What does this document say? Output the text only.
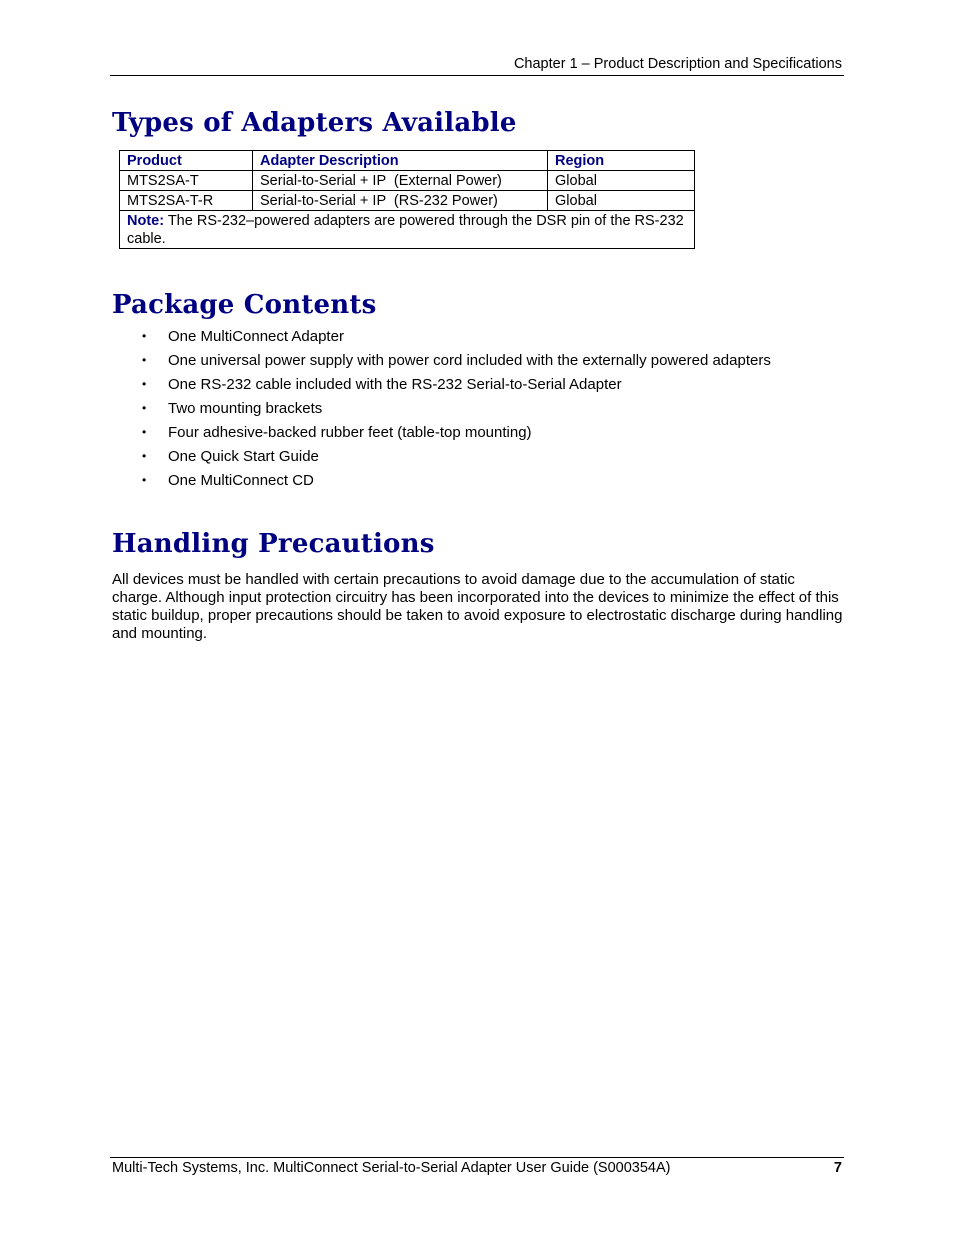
Chapter 1 – Product Description and Specifications
Types of Adapters Available
Product	Adapter Description	Region
MTS2SA-T	Serial-to-Serial + IP  (External Power)	Global
MTS2SA-T-R	Serial-to-Serial + IP  (RS-232 Power)	Global
Note: The RS-232–powered adapters are powered through the DSR pin of the RS-232 cable.		
Package Contents
• One MultiConnect Adapter
• One universal power supply with power cord included with the externally powered adapters
• One RS-232 cable included with the RS-232 Serial-to-Serial Adapter
• Two mounting brackets
• Four adhesive-backed rubber feet (table-top mounting)
• One Quick Start Guide
• One MultiConnect CD
Handling Precautions

All devices must be handled with certain precautions to avoid damage due to the accumulation of static charge. Although input protection circuitry has been incorporated into the devices to minimize the effect of this static buildup, proper precautions should be taken to avoid exposure to electrostatic discharge during handling and mounting.

Multi-Tech Systems, Inc. MultiConnect Serial-to-Serial Adapter User Guide (S000354A)	7
